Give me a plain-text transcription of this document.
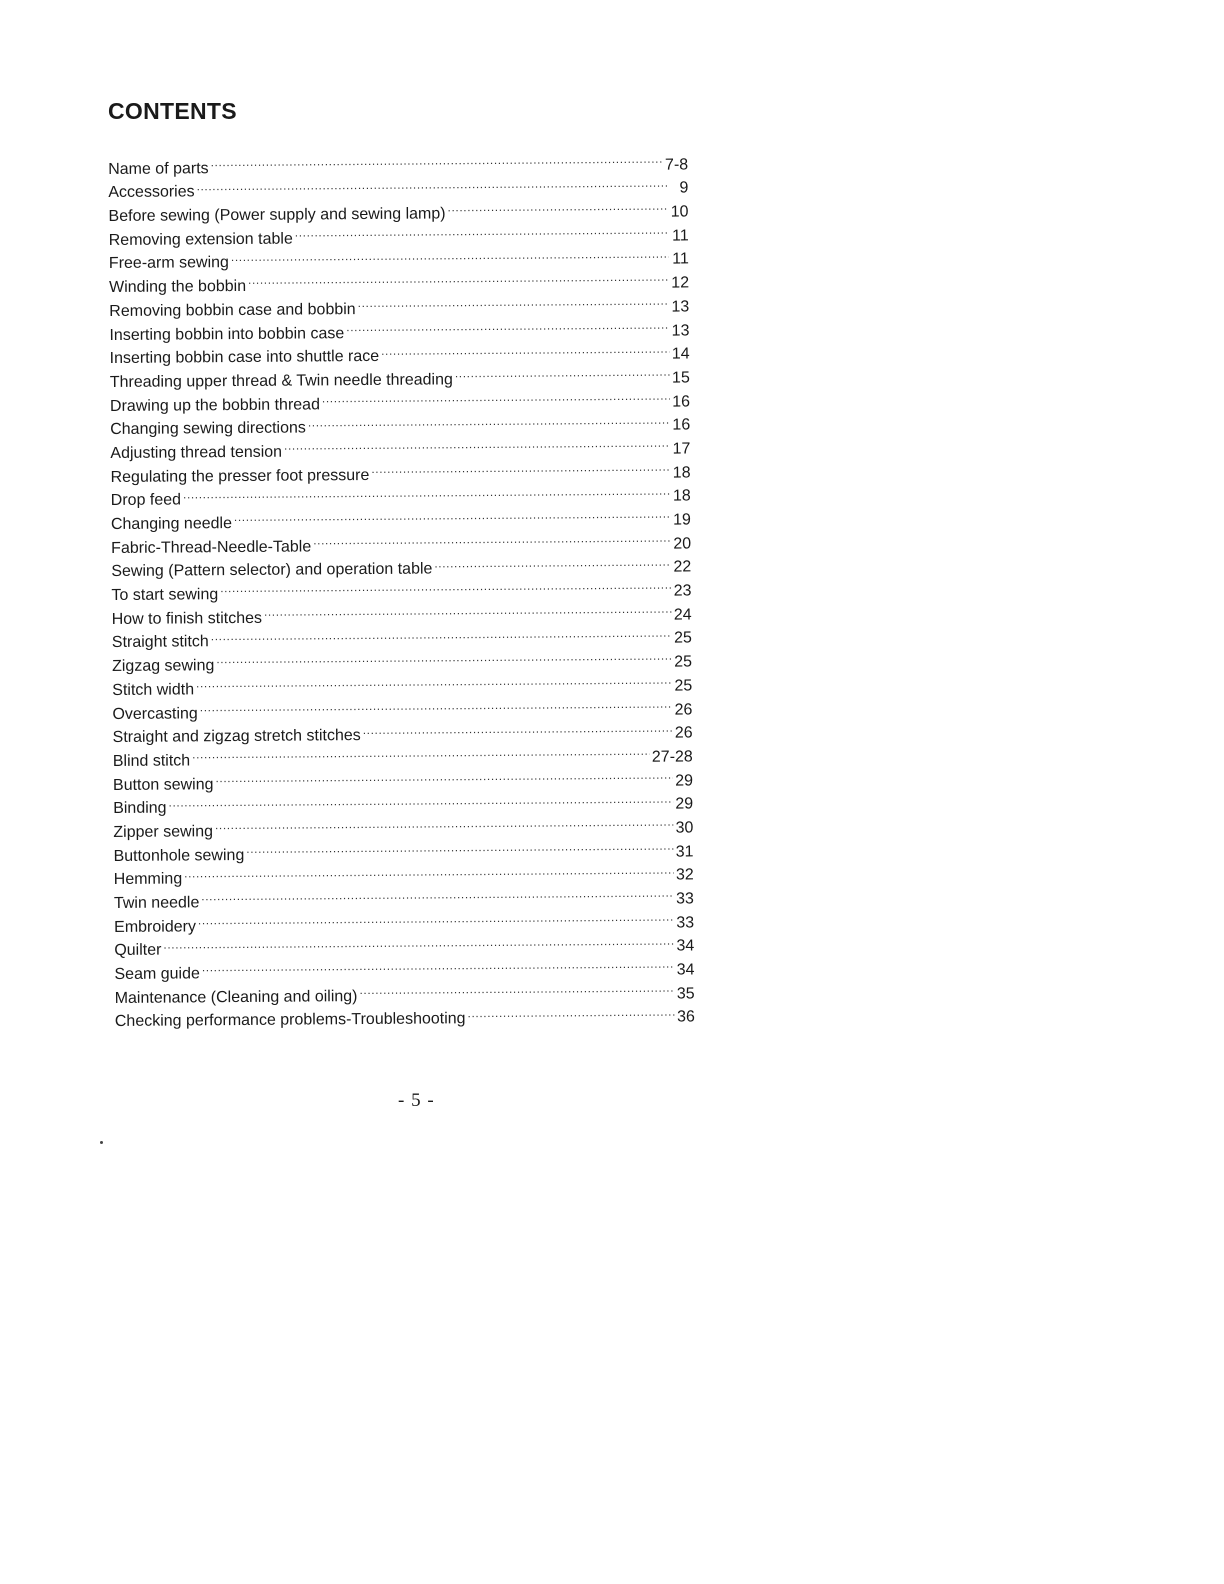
CONTENTS
Name of parts .....	7-8
Accessories .....	9
Before sewing (Power supply and sewing lamp) .....	10
Removing extension table .....	11
Free-arm sewing .....	11
Winding the bobbin .....	12
Removing bobbin case and bobbin .....	13
Inserting bobbin into bobbin case .....	13
Inserting bobbin case into shuttle race .....	14
Threading upper thread & Twin needle threading .....	15
Drawing up the bobbin thread .....	16
Changing sewing directions .....	16
Adjusting thread tension .....	17
Regulating the presser foot pressure .....	18
Drop feed .....	18
Changing needle .....	19
Fabric-Thread-Needle-Table .....	20
Sewing (Pattern selector) and operation table .....	22
To start sewing .....	23
How to finish stitches .....	24
Straight stitch .....	25
Zigzag sewing .....	25
Stitch width .....	25
Overcasting .....	26
Straight and zigzag stretch stitches .....	26
Blind stitch .....	27-28
Button sewing .....	29
Binding .....	29
Zipper sewing .....	30
Buttonhole sewing .....	31
Hemming .....	32
Twin needle .....	33
Embroidery .....	33
Quilter .....	34
Seam guide .....	34
Maintenance (Cleaning and oiling) .....	35
Checking performance problems-Troubleshooting .....	36
- 5 -
